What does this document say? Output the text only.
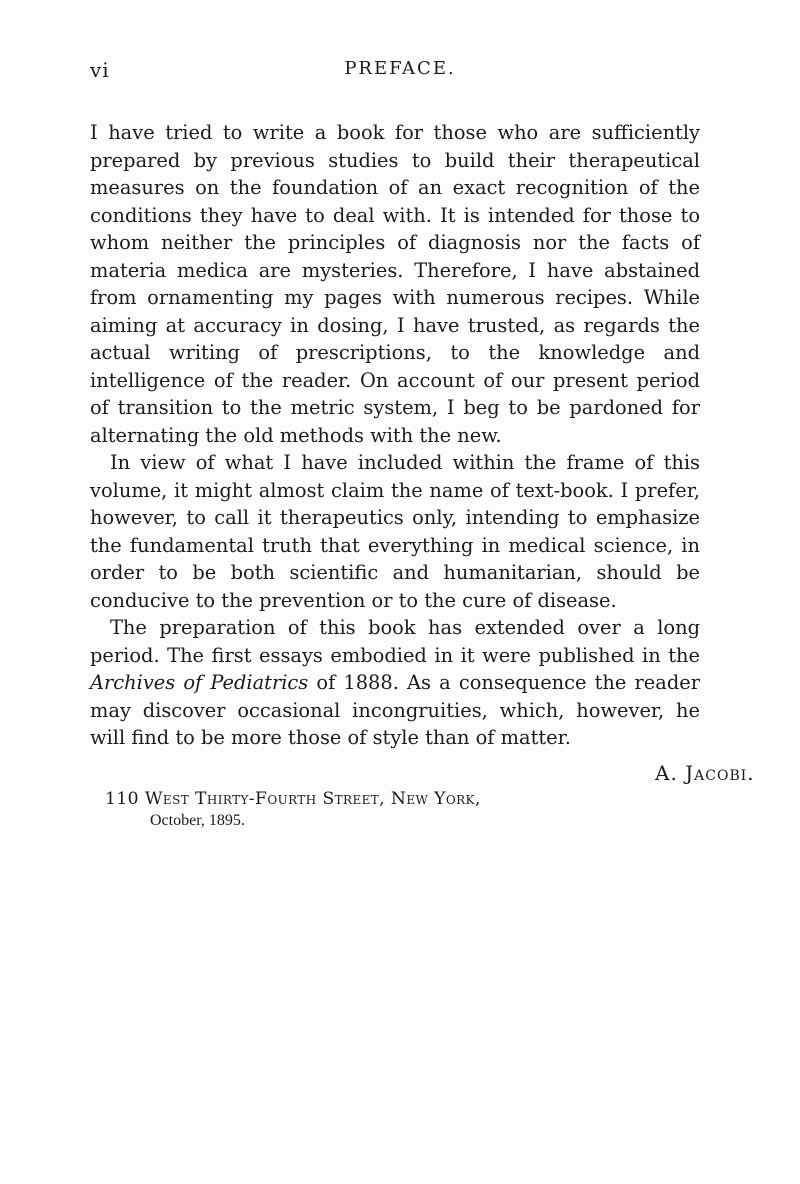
vi	PREFACE.

I have tried to write a book for those who are sufficiently prepared by previous studies to build their therapeutical measures on the foundation of an exact recognition of the conditions they have to deal with. It is intended for those to whom neither the principles of diagnosis nor the facts of materia medica are mysteries. Therefore, I have abstained from ornamenting my pages with numerous recipes. While aiming at accuracy in dosing, I have trusted, as regards the actual writing of prescriptions, to the knowledge and intelligence of the reader. On account of our present period of transition to the metric system, I beg to be pardoned for alternating the old methods with the new.

In view of what I have included within the frame of this volume, it might almost claim the name of text-book. I prefer, however, to call it therapeutics only, intending to emphasize the fundamental truth that everything in medical science, in order to be both scientific and humanitarian, should be conducive to the prevention or to the cure of disease.

The preparation of this book has extended over a long period. The first essays embodied in it were published in the Archives of Pediatrics of 1888. As a consequence the reader may discover occasional incongruities, which, however, he will find to be more those of style than of matter.

A. Jacobi.
110 West Thirty-Fourth Street, New York,
October, 1895.
